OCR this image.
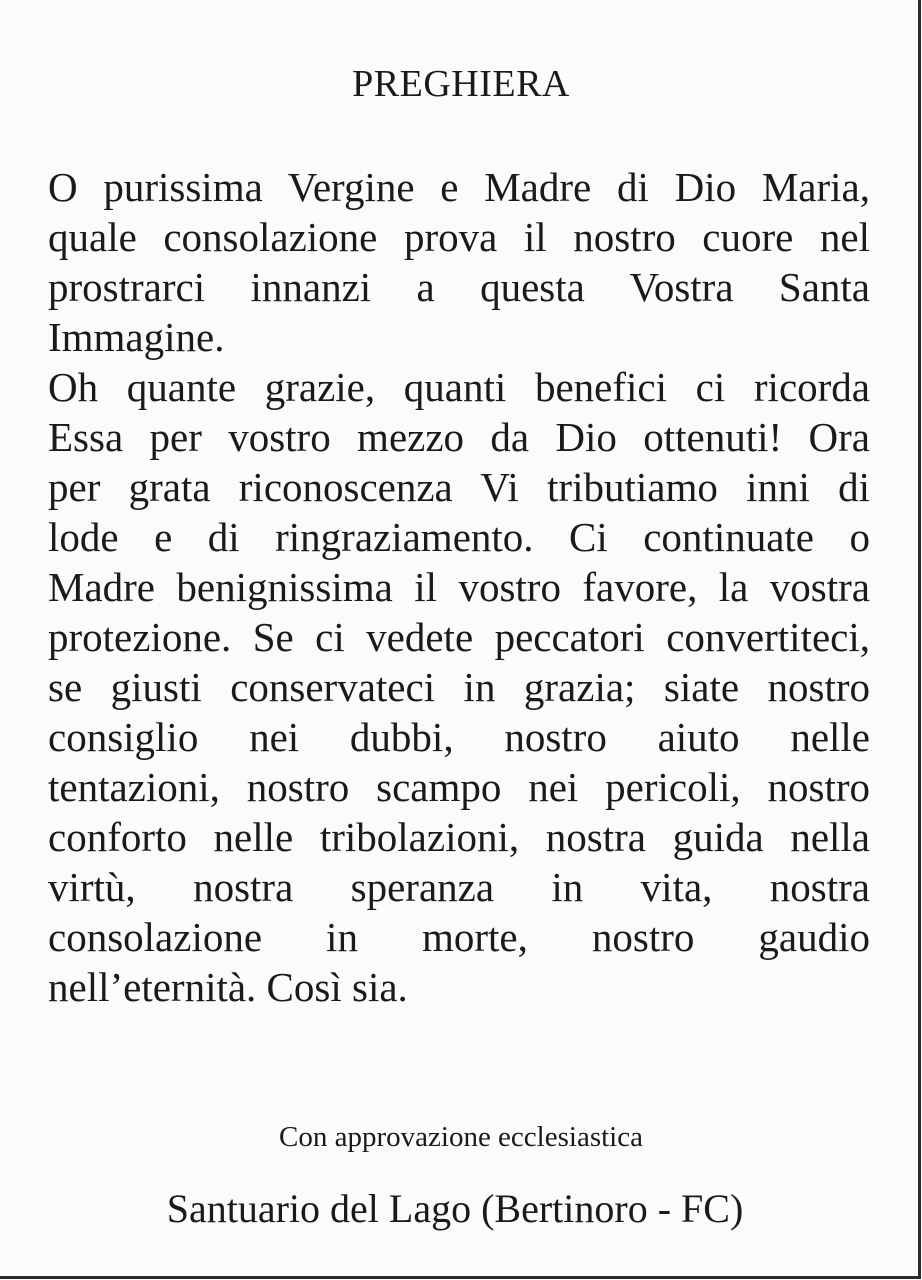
PREGHIERA
O purissima Vergine e Madre di Dio Maria,
quale consolazione prova il nostro cuore nel
prostrarci innanzi a questa Vostra Santa
Immagine.
Oh quante grazie, quanti benefici ci ricorda
Essa per vostro mezzo da Dio ottenuti! Ora
per grata riconoscenza Vi tributiamo inni di
lode e di ringraziamento. Ci continuate o
Madre benignissima il vostro favore, la vostra
protezione. Se ci vedete peccatori convertiteci,
se giusti conservateci in grazia; siate nostro
consiglio nei dubbi, nostro aiuto nelle
tentazioni, nostro scampo nei pericoli, nostro
conforto nelle tribolazioni, nostra guida nella
virtù, nostra speranza in vita, nostra
consolazione in morte, nostro gaudio
nell’eternità. Così sia.
Con approvazione ecclesiastica
Santuario del Lago (Bertinoro - FC)
